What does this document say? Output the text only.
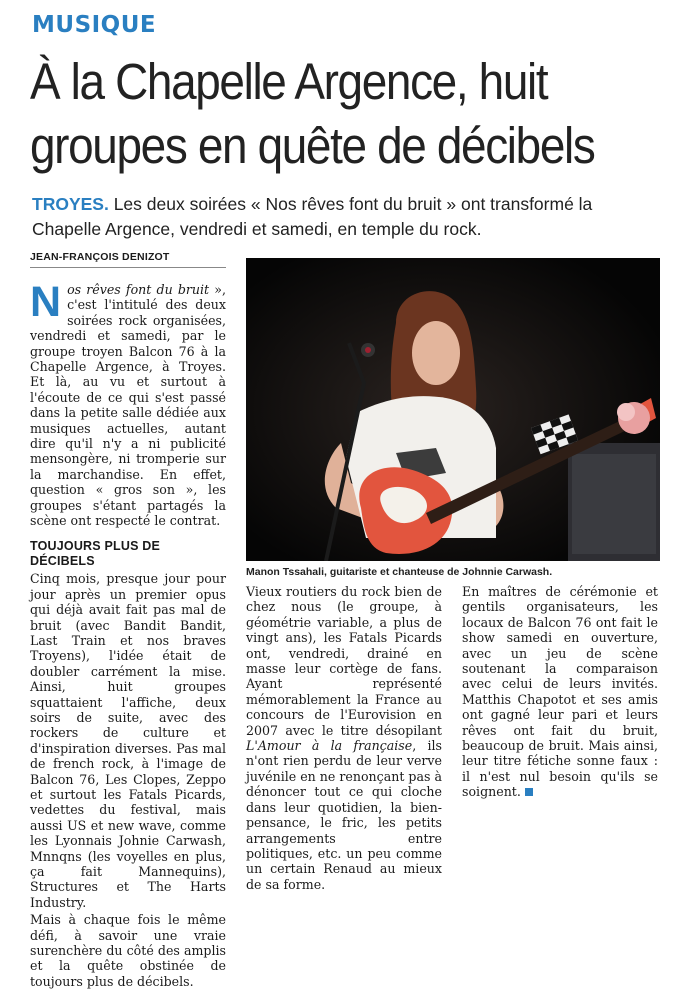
MUSIQUE
À la Chapelle Argence, huit groupes en quête de décibels
TROYES. Les deux soirées « Nos rêves font du bruit » ont transformé la Chapelle Argence, vendredi et samedi, en temple du rock.
JEAN-FRANÇOIS DENIZOT

Nos rêves font du bruit », c'est l'intitulé des deux soirées rock organisées, vendredi et samedi, par le groupe troyen Balcon 76 à la Chapelle Argence, à Troyes. Et là, au vu et surtout à l'écoute de ce qui s'est passé dans la petite salle dédiée aux musiques actuelles, autant dire qu'il n'y a ni publicité mensongère, ni tromperie sur la marchandise. En effet, question « gros son », les groupes s'étant partagés la scène ont respecté le contrat.

TOUJOURS PLUS DE DÉCIBELS

Cinq mois, presque jour pour jour après un premier opus qui déjà avait fait pas mal de bruit (avec Bandit Bandit, Last Train et nos braves Troyens), l'idée était de doubler carrément la mise. Ainsi, huit groupes squattaient l'affiche, deux soirs de suite, avec des rockers de culture et d'inspiration diverses. Pas mal de french rock, à l'image de Balcon 76, Les Clopes, Zeppo et surtout les Fatals Picards, vedettes du festival, mais aussi US et new wave, comme les Lyonnais Johnie Carwash, Mnnqns (les voyelles en plus, ça fait Mannequins), Structures et The Harts Industry.

Mais à chaque fois le même défi, à savoir une vraie surenchère du côté des amplis et la quête obstinée de toujours plus de décibels.

Manon Tssahali, guitariste et chanteuse de Johnnie Carwash.

Vieux routiers du rock bien de chez nous (le groupe, à géométrie variable, a plus de vingt ans), les Fatals Picards ont, vendredi, drainé en masse leur cortège de fans. Ayant représenté mémorablement la France au concours de l'Eurovision en 2007 avec le titre désopilant L'Amour à la française, ils n'ont rien perdu de leur verve juvénile en ne renonçant pas à dénoncer tout ce qui cloche dans leur quotidien, la bien-pensance, le fric, les petits arrangements entre politiques, etc. un peu comme un certain Renaud au mieux de sa forme.

En maîtres de cérémonie et gentils organisateurs, les locaux de Balcon 76 ont fait le show samedi en ouverture, avec un jeu de scène soutenant la comparaison avec celui de leurs invités. Matthis Chapotot et ses amis ont gagné leur pari et leurs rêves ont fait du bruit, beaucoup de bruit. Mais ainsi, leur titre fétiche sonne faux : il n'est nul besoin qu'ils se soignent.
